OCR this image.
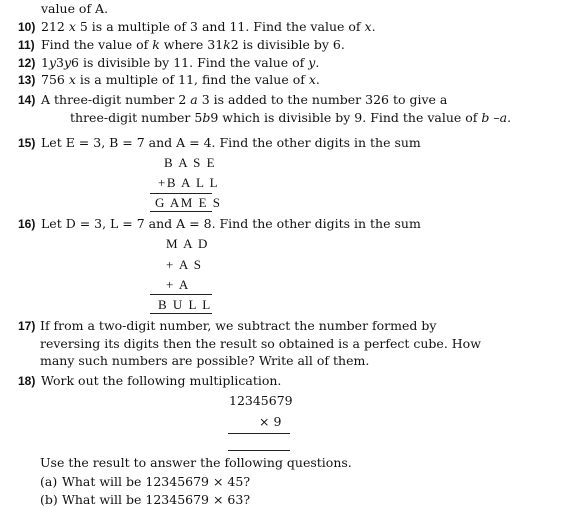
value of A.
10) 212 x 5 is a multiple of 3 and 11. Find the value of x.
11) Find the value of k where 31k2 is divisible by 6.
12) 1y3y6 is divisible by 11. Find the value of y.
13) 756 x is a multiple of 11, find the value of x.
14) A three-digit number 2 a 3 is added to the number 326 to give a
three-digit number 5b9 which is divisible by 9. Find the value of b –a.
15) Let E = 3, B = 7 and A = 4. Find the other digits in the sum
B A S E
+B A L L
G AM E S
16) Let D = 3, L = 7 and A = 8. Find the other digits in the sum
M A D
+ A S
+ A
B U L L
17) If from a two-digit number, we subtract the number formed by
reversing its digits then the result so obtained is a perfect cube. How
many such numbers are possible? Write all of them.
18) Work out the following multiplication.
12345679
× 9
Use the result to answer the following questions.
(a) What will be 12345679 × 45?
(b) What will be 12345679 × 63?
